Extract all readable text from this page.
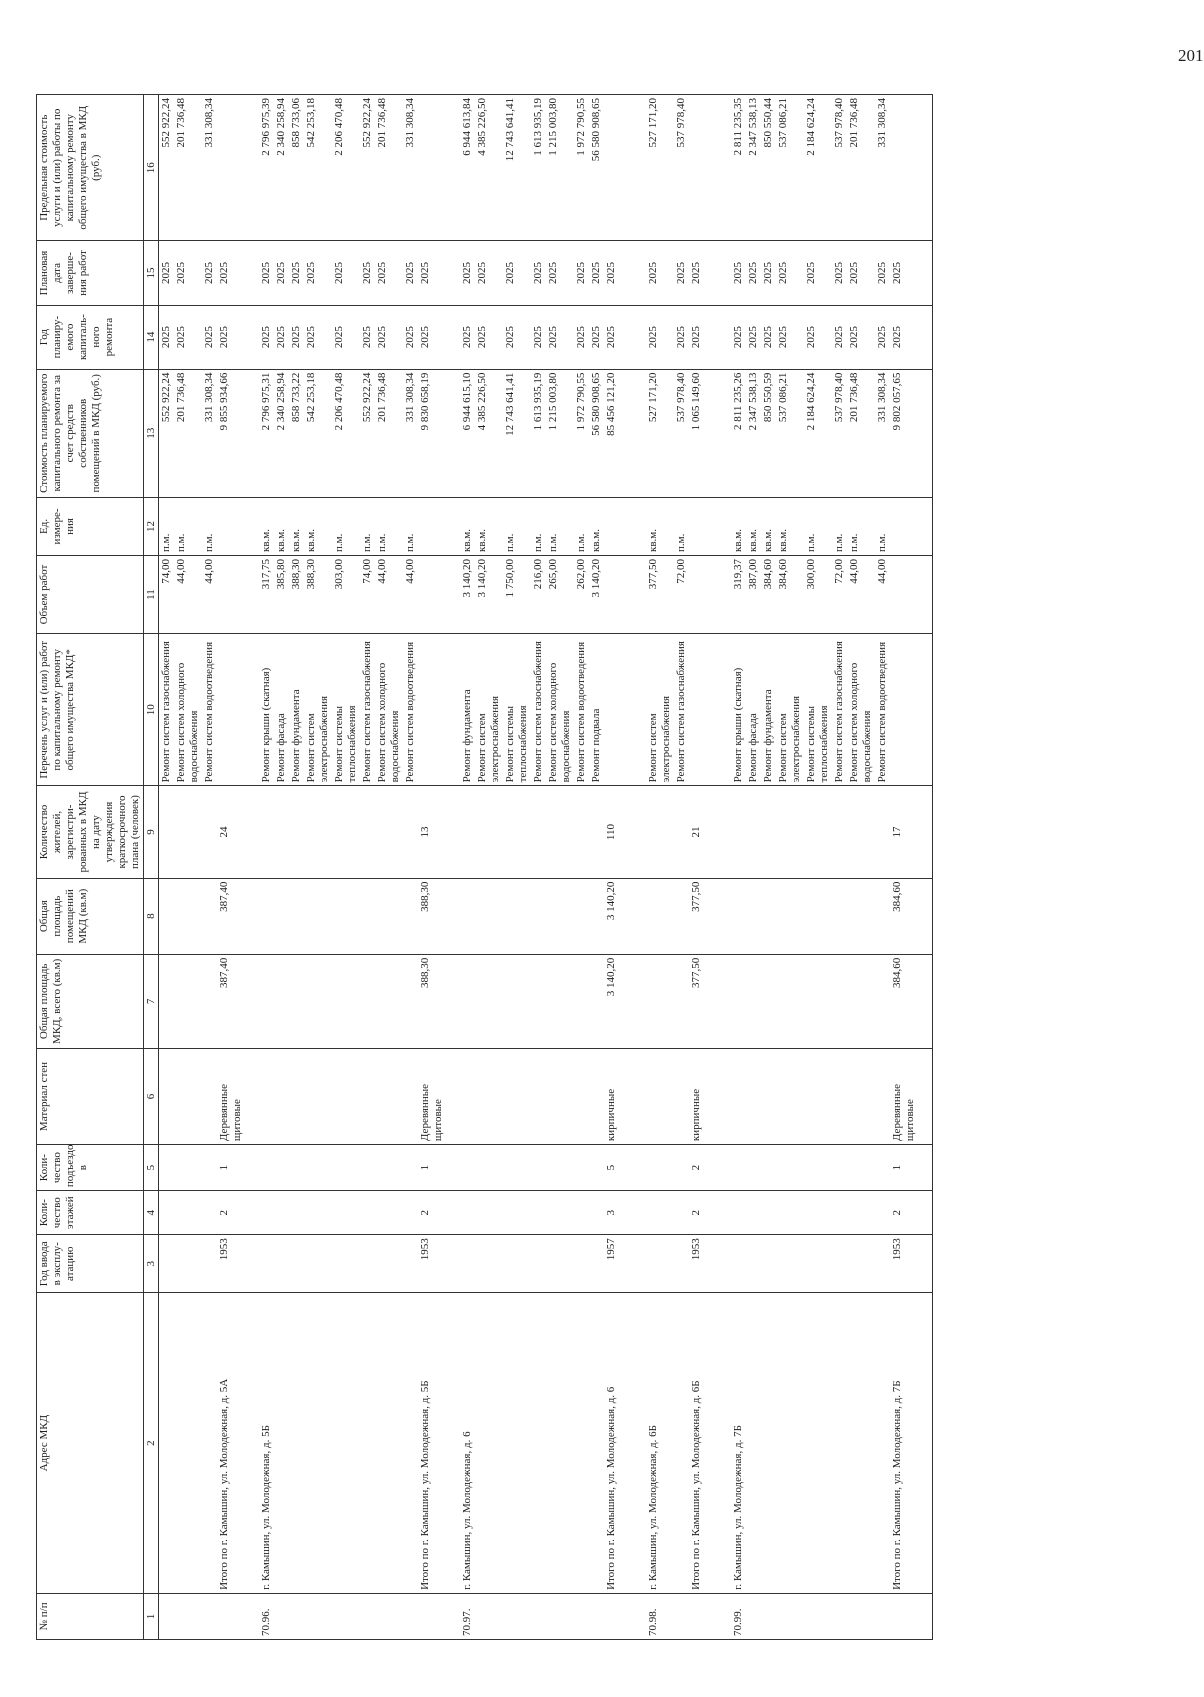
201
№ п/п	Адрес МКД	Год ввода в эксплу- атацию	Коли- чество этажей	Коли- чество подъездо в	Материал стен	Общая площадь МКД, всего (кв.м)	Общая площадь помещений МКД (кв.м)	Количество жителей, зарегистри- рованных в МКД на дату утверждения краткосрочного плана (человек)	Перечень услуг и (или) работ по капитальному ремонту общего имущества МКД*	Объем работ	Ед. измере- ния	Стоимость планируемого капитального ремонта за счет средств собственников помещений в МКД (руб.)	Год планиру- емого капиталь- ного ремонта	Плановая дата заверше- ния работ	Предельная стоимость услуги и (или) работы по капитальному ремонту общего имущества в МКД (руб.)
1	2	3	4	5	6	7	8	9	10	11	12	13	14	15	16
									Ремонт систем газоснабжения	74,00	п.м.	552 922,24	2025	2025	552 922,24
									Ремонт систем холодного водоснабжения	44,00	п.м.	201 736,48	2025	2025	201 736,48
									Ремонт систем водоотведения	44,00	п.м.	331 308,34	2025	2025	331 308,34
	Итого по г. Камышин, ул. Молодежная, д. 5А	1953	2	1	Деревянные щитовые	387,40	387,40	24				9 855 934,66	2025	2025	
70.96.	г. Камышин, ул. Молодежная, д. 5Б								Ремонт крыши (скатная)	317,75	кв.м.	2 796 975,31	2025	2025	2 796 975,39
									Ремонт фасада	385,80	кв.м.	2 340 258,94	2025	2025	2 340 258,94
									Ремонт фундамента	388,30	кв.м.	858 733,22	2025	2025	858 733,06
									Ремонт систем электроснабжения	388,30	кв.м.	542 253,18	2025	2025	542 253,18
									Ремонт системы теплоснабжения	303,00	п.м.	2 206 470,48	2025	2025	2 206 470,48
									Ремонт систем газоснабжения	74,00	п.м.	552 922,24	2025	2025	552 922,24
									Ремонт систем холодного водоснабжения	44,00	п.м.	201 736,48	2025	2025	201 736,48
									Ремонт систем водоотведения	44,00	п.м.	331 308,34	2025	2025	331 308,34
	Итого по г. Камышин, ул. Молодежная, д. 5Б	1953	2	1	Деревянные щитовые	388,30	388,30	13				9 830 658,19	2025	2025	
70.97.	г. Камышин, ул. Молодежная, д. 6								Ремонт фундамента	3 140,20	кв.м.	6 944 615,10	2025	2025	6 944 613,84
									Ремонт систем электроснабжения	3 140,20	кв.м.	4 385 226,50	2025	2025	4 385 226,50
									Ремонт системы теплоснабжения	1 750,00	п.м.	12 743 641,41	2025	2025	12 743 641,41
									Ремонт систем газоснабжения	216,00	п.м.	1 613 935,19	2025	2025	1 613 935,19
									Ремонт систем холодного водоснабжения	265,00	п.м.	1 215 003,80	2025	2025	1 215 003,80
									Ремонт систем водоотведения	262,00	п.м.	1 972 790,55	2025	2025	1 972 790,55
									Ремонт подвала	3 140,20	кв.м.	56 580 908,65	2025	2025	56 580 908,65
	Итого по г. Камышин, ул. Молодежная, д. 6	1957	3	5	кирпичные	3 140,20	3 140,20	110				85 456 121,20	2025	2025	
70.98.	г. Камышин, ул. Молодежная, д. 6Б								Ремонт систем электроснабжения	377,50	кв.м.	527 171,20	2025	2025	527 171,20
									Ремонт систем газоснабжения	72,00	п.м.	537 978,40	2025	2025	537 978,40
	Итого по г. Камышин, ул. Молодежная, д. 6Б	1953	2	2	кирпичные	377,50	377,50	21				1 065 149,60	2025	2025	
70.99.	г. Камышин, ул. Молодежная, д. 7Б								Ремонт крыши (скатная)	319,37	кв.м.	2 811 235,26	2025	2025	2 811 235,35
									Ремонт фасада	387,00	кв.м.	2 347 538,13	2025	2025	2 347 538,13
									Ремонт фундамента	384,60	кв.м.	850 550,59	2025	2025	850 550,44
									Ремонт систем электроснабжения	384,60	кв.м.	537 086,21	2025	2025	537 086,21
									Ремонт системы теплоснабжения	300,00	п.м.	2 184 624,24	2025	2025	2 184 624,24
									Ремонт систем газоснабжения	72,00	п.м.	537 978,40	2025	2025	537 978,40
									Ремонт систем холодного водоснабжения	44,00	п.м.	201 736,48	2025	2025	201 736,48
									Ремонт систем водоотведения	44,00	п.м.	331 308,34	2025	2025	331 308,34
	Итого по г. Камышин, ул. Молодежная, д. 7Б	1953	2	1	Деревянные щитовые	384,60	384,60	17				9 802 057,65	2025	2025	
